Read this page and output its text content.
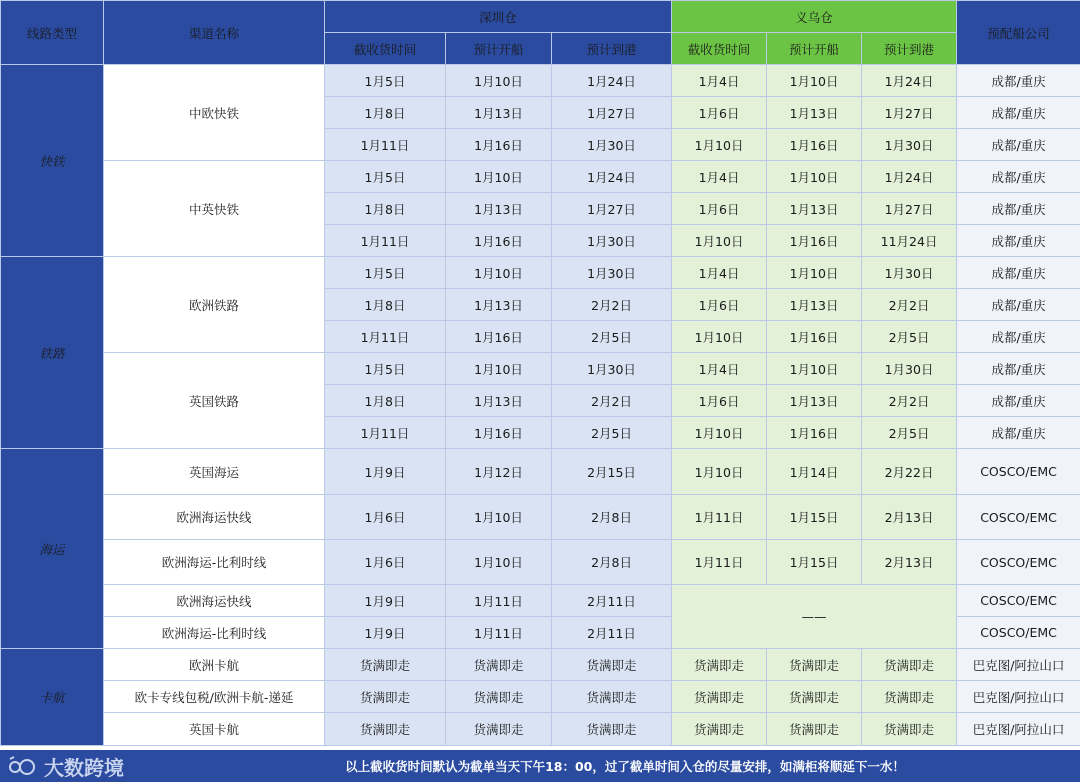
线路类型	渠道名称	深圳仓			义乌仓			预配船公司
		截收货时间	预计开船	预计到港	截收货时间	预计开船	预计到港	
快铁	中欧快铁	1月5日	1月10日	1月24日	1月4日	1月10日	1月24日	成都/重庆
		1月8日	1月13日	1月27日	1月6日	1月13日	1月27日	成都/重庆
		1月11日	1月16日	1月30日	1月10日	1月16日	1月30日	成都/重庆
	中英快铁	1月5日	1月10日	1月24日	1月4日	1月10日	1月24日	成都/重庆
		1月8日	1月13日	1月27日	1月6日	1月13日	1月27日	成都/重庆
		1月11日	1月16日	1月30日	1月10日	1月16日	11月24日	成都/重庆
铁路	欧洲铁路	1月5日	1月10日	1月30日	1月4日	1月10日	1月30日	成都/重庆
		1月8日	1月13日	2月2日	1月6日	1月13日	2月2日	成都/重庆
		1月11日	1月16日	2月5日	1月10日	1月16日	2月5日	成都/重庆
	英国铁路	1月5日	1月10日	1月30日	1月4日	1月10日	1月30日	成都/重庆
		1月8日	1月13日	2月2日	1月6日	1月13日	2月2日	成都/重庆
		1月11日	1月16日	2月5日	1月10日	1月16日	2月5日	成都/重庆
海运	英国海运	1月9日	1月12日	2月15日	1月10日	1月14日	2月22日	COSCO/EMC
	欧洲海运快线	1月6日	1月10日	2月8日	1月11日	1月15日	2月13日	COSCO/EMC
	欧洲海运-比利时线	1月6日	1月10日	2月8日	1月11日	1月15日	2月13日	COSCO/EMC
	欧洲海运快线	1月9日	1月11日	2月11日	——			COSCO/EMC
	欧洲海运-比利时线	1月9日	1月11日	2月11日				COSCO/EMC
卡航	欧洲卡航	货满即走	货满即走	货满即走	货满即走	货满即走	货满即走	巴克图/阿拉山口
	欧卡专线包税/欧洲卡航-递延	货满即走	货满即走	货满即走	货满即走	货满即走	货满即走	巴克图/阿拉山口
	英国卡航	货满即走	货满即走	货满即走	货满即走	货满即走	货满即走	巴克图/阿拉山口
大数跨境	以上截收货时间默认为截单当天下午18：00，过了截单时间入仓的尽量安排，如满柜将顺延下一水！
